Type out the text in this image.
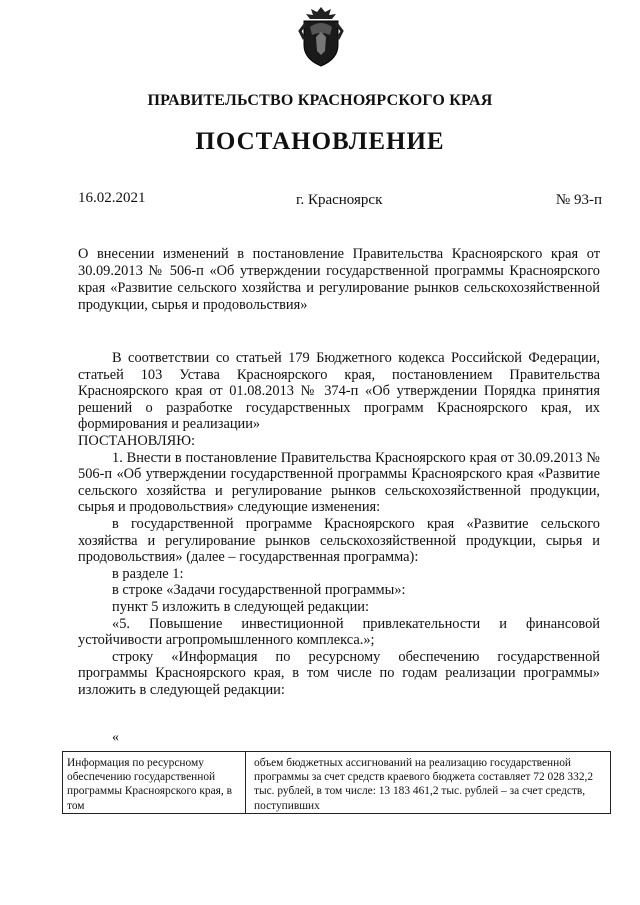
ПРАВИТЕЛЬСТВО КРАСНОЯРСКОГО КРАЯ
ПОСТАНОВЛЕНИЕ
16.02.2021	г. Красноярск	№ 93-п
О внесении изменений в постановление Правительства Красноярского края от 30.09.2013 № 506-п «Об утверждении государственной программы Красноярского края «Развитие сельского хозяйства и регулирование рынков сельскохозяйственной продукции, сырья и продовольствия»

В соответствии со статьей 179 Бюджетного кодекса Российской Федерации, статьей 103 Устава Красноярского края, постановлением Правительства Красноярского края от 01.08.2013 № 374-п «Об утверждении Порядка принятия решений о разработке государственных программ Красноярского края, их формирования и реализации»

ПОСТАНОВЛЯЮ:

1. Внести в постановление Правительства Красноярского края от 30.09.2013 № 506-п «Об утверждении государственной программы Красноярского края «Развитие сельского хозяйства и регулирование рынков сельскохозяйственной продукции, сырья и продовольствия» следующие изменения:

в государственной программе Красноярского края «Развитие сельского хозяйства и регулирование рынков сельскохозяйственной продукции, сырья и продовольствия» (далее – государственная программа):

в разделе 1:

в строке «Задачи государственной программы»:

пункт 5 изложить в следующей редакции:

«5. Повышение инвестиционной привлекательности и финансовой устойчивости агропромышленного комплекса.»;

строку «Информация по ресурсному обеспечению государственной программы Красноярского края, в том числе по годам реализации программы» изложить в следующей редакции:

«
Информация по ресурсному обеспечению государственной программы Красноярского края, в том	объем бюджетных ассигнований на реализацию государственной программы за счет средств краевого бюджета составляет 72 028 332,2 тыс. рублей, в том числе: 13 183 461,2 тыс. рублей – за счет средств, поступивших
